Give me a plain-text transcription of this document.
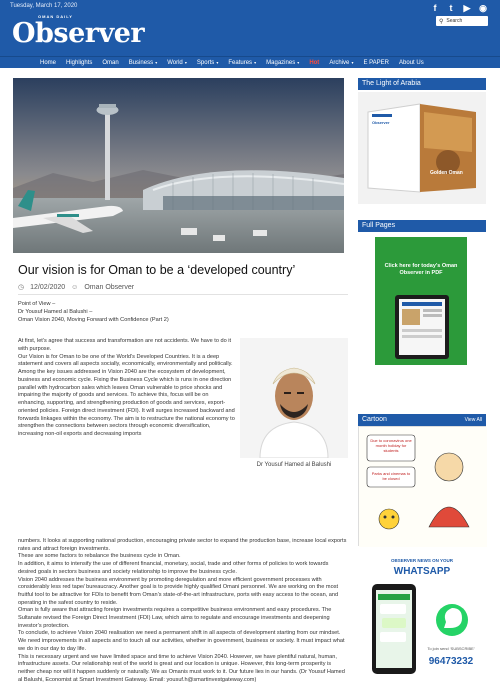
Tuesday, March 17, 2020
OMAN DAILY
Observer
f	t	▶ ◉
⚲ Search
Home Highlights Oman Business ▾ World ▾ Sports ▾ Features ▾ Magazines ▾ Hot Archive ▾ E PAPER About Us
Our vision is for Oman to be a ‘developed country’
◷ 12/02/2020 ☺ Oman Observer
Point of View –
Dr Yousuf Hamed al Balushi –
Oman Vision 2040, Moving Forward with Confidence (Part 2)
At first, let’s agree that success and transformation are not accidents. We have to do it with purpose.
Our Vision is for Oman to be one of the World’s Developed Countries. It is a deep statement and covers all aspects socially, economically, environmentally and politically.
Among the key issues addressed in Vision 2040 are the ecosystem of development, business and economic cycle. Fixing the Business Cycle which is runs in one direction parallel with hydrocarbon sales which leaves Oman vulnerable to price shocks and impairing the majority of goods and services. To achieve this, focus will be on enhancing, supporting, and strengthening production of goods and services, export-oriented policies. Foreign direct investment (FDI). It will surges increased backward and forwards linkages within the economy. The aim is to restructure the national economy to strengthen the connections between sectors through economic diversification, increasing non-oil exports and decreasing imports
Dr Yousuf Hamed al Balushi
numbers. It looks at supporting national production, encouraging private sector to expand the production base, increase local exports rates and attract foreign investments.
These are some factors to rebalance the business cycle in Oman.
In addition, it aims to intensify the use of different financial, monetary, social, trade and other forms of policies to work towards desired goals in sectors business and society relationship to improve the business cycle.
Vision 2040 addresses the business environment by promoting deregulation and more efficient government processes with considerably less red tape/ bureaucracy. Another goal is to provide highly qualified Omani personnel. We are working on the most fruitful tool to be attractive for FDIs to benefit from Oman’s state-of-the-art infrastructure, ports with easy access to the ocean, and operating in the safest country to reside.
Oman is fully aware that attracting foreign investments requires a competitive business environment and easy procedures. The Sultanate revised the Foreign Direct Investment (FDI) Law, which aims to regulate and encourage investments and deepening investor’s protection.
To conclude, to achieve Vision 2040 realisation we need a permanent shift in all aspects of development starting from our mindset. We need improvements in all aspects and to touch all our activities, whether in government, business or society. It must impact what we do in our day to day life.
This is necessary urgent and we have limited space and time to achieve Vision 2040. However, we have plentiful natural, human, infrastructure assets. Our relationship rest of the world is great and our location is unique. However, this long-term prosperity is neither cheap nor will it happen suddenly or naturally. We as Omanis must work to it. Our future lies in our hands. (Dr Yousuf Hamed al Balushi, Economist at Smart Investment Gateway. Email: yousuf.h@smartinvestgateway.com)
The Light of Arabia
Observer
Golden Oman
Full Pages
Click here for today’s Oman Observer in PDF
Cartoon	View All
Due to coronavirus one month holiday for students
Parks and cinemas to be closed
OBSERVER NEWS ON YOUR
WHATSAPP
To join send ‘SUBSCRIBE’
96473232
